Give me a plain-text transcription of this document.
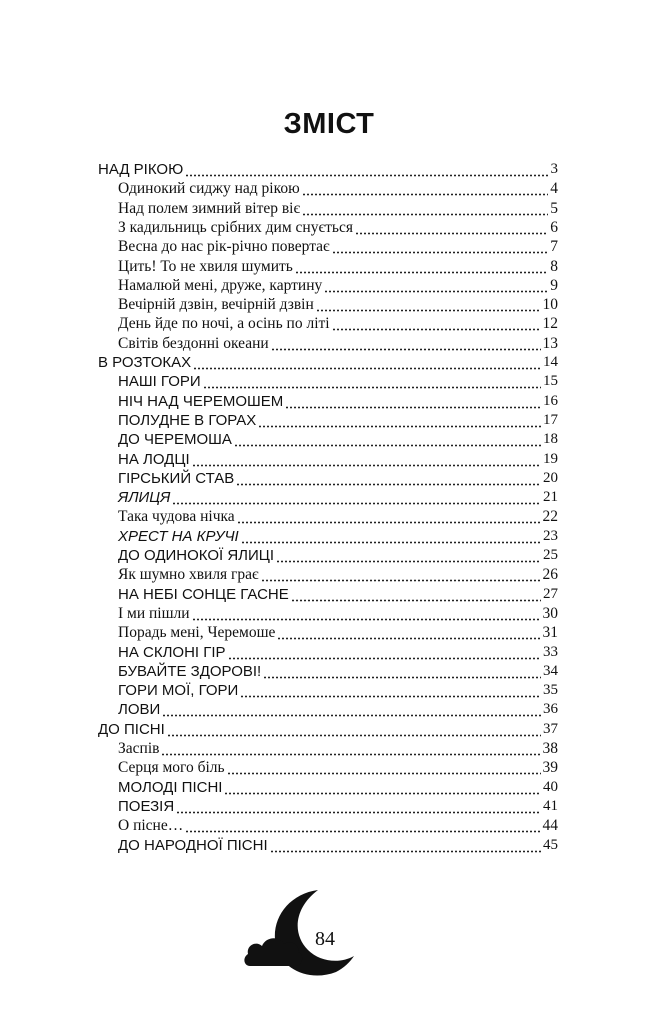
ЗМІСТ
НАД РІКОЮ	3
Одинокий сиджу над рікою	4
Над полем зимний вітер віє	5
З кадильниць срібних дим снується	6
Весна до нас рік-річно повертає	7
Цить! То не хвиля шумить	8
Намалюй мені, друже, картину	9
Вечірній дзвін, вечірній дзвін	10
День йде по ночі, а осінь по літі	12
Світів бездонні океани	13
В РОЗТОКАХ	14
НАШІ ГОРИ	15
НІЧ НАД ЧЕРЕМОШЕМ	16
ПОЛУДНЕ В ГОРАХ	17
ДО ЧЕРЕМОША	18
НА ЛОДЦІ	19
ГІРСЬКИЙ СТАВ	20
ЯЛИЦЯ	21
Така чудова нічка	22
ХРЕСТ НА КРУЧІ	23
ДО ОДИНОКОЇ ЯЛИЦІ	25
Як шумно хвиля грає	26
НА НЕБІ СОНЦЕ ГАСНЕ	27
І ми пішли	30
Порадь мені, Черемоше	31
НА СКЛОНІ ГІР	33
БУВАЙТЕ ЗДОРОВІ!	34
ГОРИ МОЇ, ГОРИ	35
ЛОВИ	36
ДО ПІСНІ	37
Заспів	38
Серця мого біль	39
МОЛОДІ ПІСНІ	40
ПОЕЗІЯ	41
О пісне…	44
ДО НАРОДНОЇ ПІСНІ	45
84
